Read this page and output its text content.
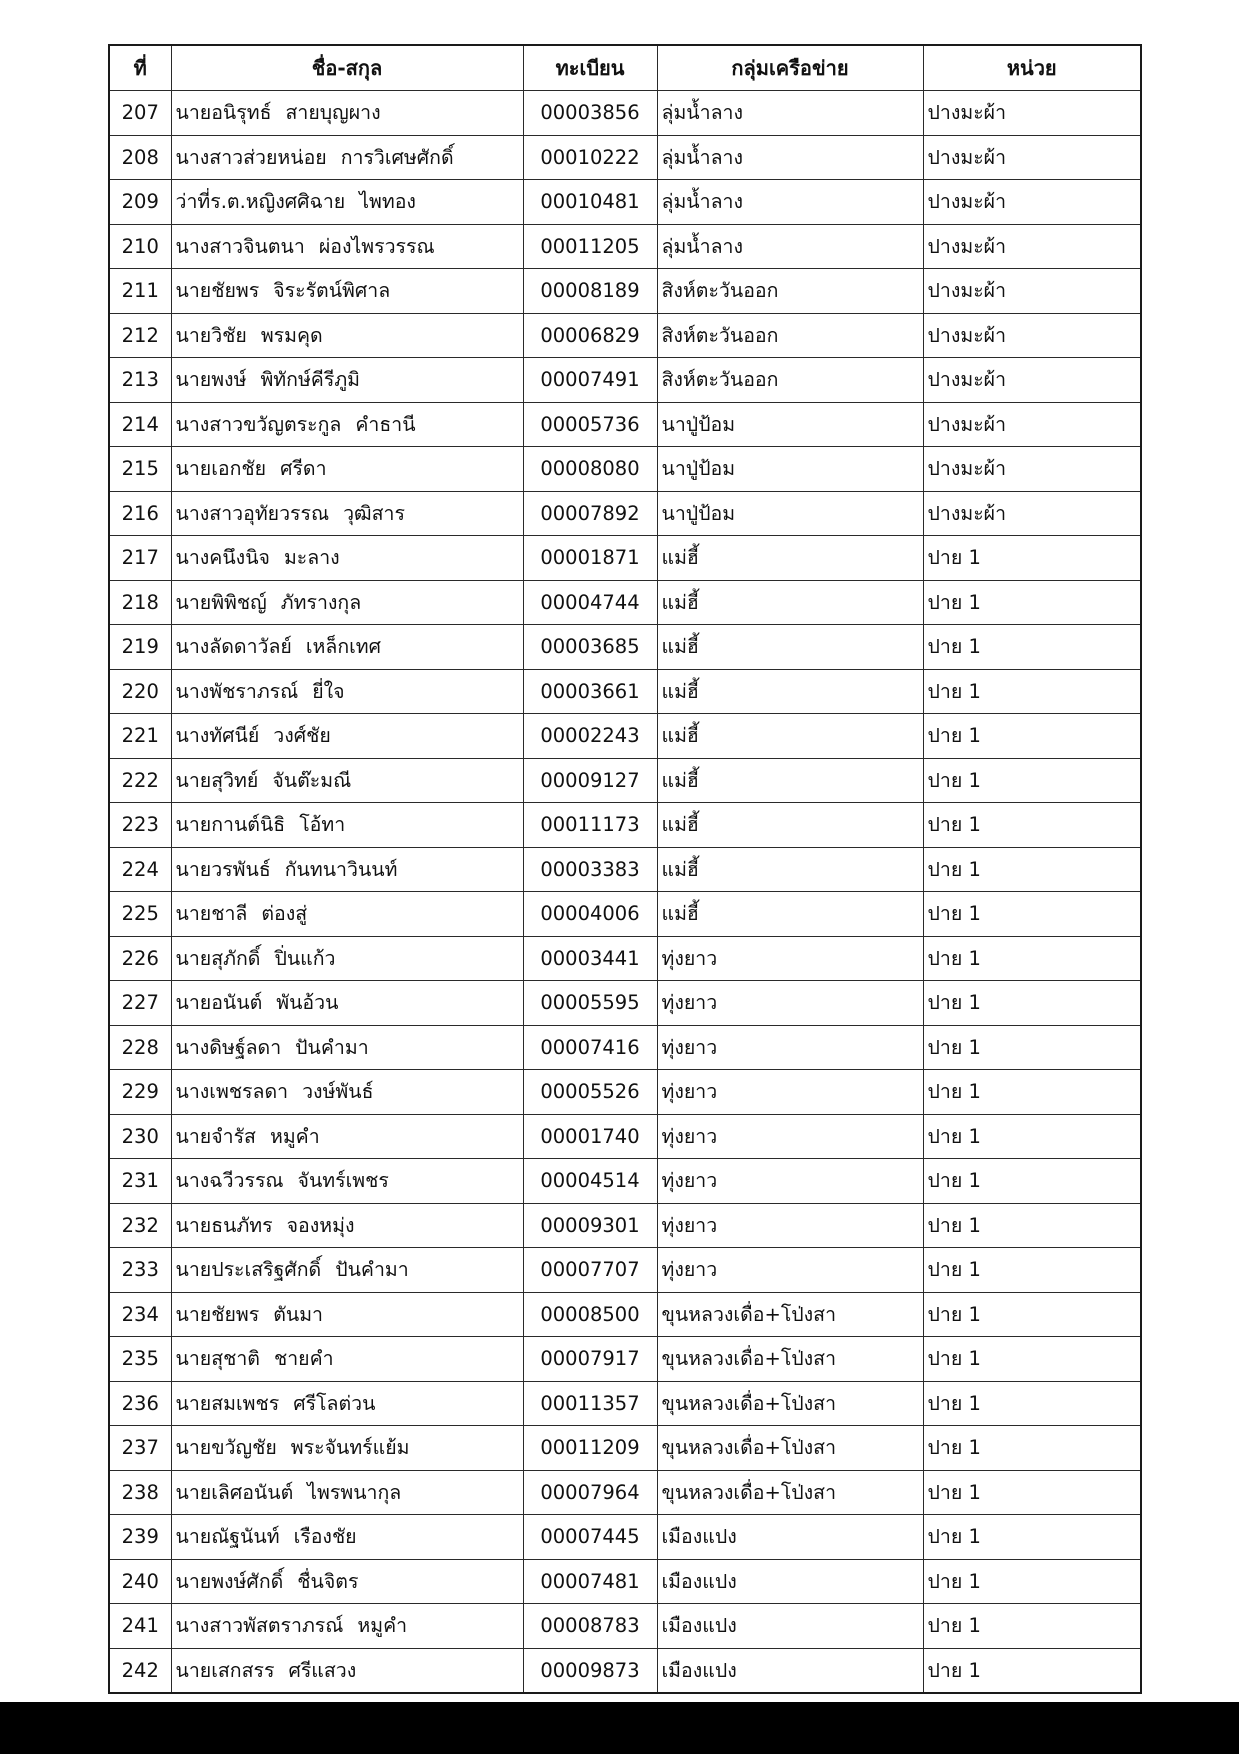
ที่	ชื่อ-สกุล	ทะเบียน	กลุ่มเครือข่าย	หน่วย
207	นายอนิรุทธ์ สายบุญผาง	00003856	ลุ่มน้ำลาง	ปางมะผ้า
208	นางสาวส่วยหน่อย การวิเศษศักดิ์	00010222	ลุ่มน้ำลาง	ปางมะผ้า
209	ว่าที่ร.ต.หญิงศศิฉาย ไพทอง	00010481	ลุ่มน้ำลาง	ปางมะผ้า
210	นางสาวจินตนา ผ่องไพรวรรณ	00011205	ลุ่มน้ำลาง	ปางมะผ้า
211	นายชัยพร จิระรัตน์พิศาล	00008189	สิงห์ตะวันออก	ปางมะผ้า
212	นายวิชัย พรมคุด	00006829	สิงห์ตะวันออก	ปางมะผ้า
213	นายพงษ์ พิทักษ์คีรีภูมิ	00007491	สิงห์ตะวันออก	ปางมะผ้า
214	นางสาวขวัญตระกูล คำธานี	00005736	นาปู่ป้อม	ปางมะผ้า
215	นายเอกชัย ศรีดา	00008080	นาปู่ป้อม	ปางมะผ้า
216	นางสาวอุทัยวรรณ วุฒิสาร	00007892	นาปู่ป้อม	ปางมะผ้า
217	นางคนึงนิจ มะลาง	00001871	แม่ฮี้	ปาย 1
218	นายพิพิชญ์ ภัทรางกุล	00004744	แม่ฮี้	ปาย 1
219	นางลัดดาวัลย์ เหล็กเทศ	00003685	แม่ฮี้	ปาย 1
220	นางพัชราภรณ์ ยี่ใจ	00003661	แม่ฮี้	ปาย 1
221	นางทัศนีย์ วงศ์ชัย	00002243	แม่ฮี้	ปาย 1
222	นายสุวิทย์ จันต๊ะมณี	00009127	แม่ฮี้	ปาย 1
223	นายกานต์นิธิ โอ้ทา	00011173	แม่ฮี้	ปาย 1
224	นายวรพันธ์ กันทนาวินนท์	00003383	แม่ฮี้	ปาย 1
225	นายชาลี ต่องสู่	00004006	แม่ฮี้	ปาย 1
226	นายสุภักดิ์ ปิ่นแก้ว	00003441	ทุ่งยาว	ปาย 1
227	นายอนันต์ พันอ้วน	00005595	ทุ่งยาว	ปาย 1
228	นางดิษฐ์ลดา ปันคำมา	00007416	ทุ่งยาว	ปาย 1
229	นางเพชรลดา วงษ์พันธ์	00005526	ทุ่งยาว	ปาย 1
230	นายจำรัส หมูคำ	00001740	ทุ่งยาว	ปาย 1
231	นางฉวีวรรณ จันทร์เพชร	00004514	ทุ่งยาว	ปาย 1
232	นายธนภัทร จองหมุ่ง	00009301	ทุ่งยาว	ปาย 1
233	นายประเสริฐศักดิ์ ปันคำมา	00007707	ทุ่งยาว	ปาย 1
234	นายชัยพร ตันมา	00008500	ขุนหลวงเดื่อ+โป่งสา	ปาย 1
235	นายสุชาติ ชายคำ	00007917	ขุนหลวงเดื่อ+โป่งสา	ปาย 1
236	นายสมเพชร ศรีโลต่วน	00011357	ขุนหลวงเดื่อ+โป่งสา	ปาย 1
237	นายขวัญชัย พระจันทร์แย้ม	00011209	ขุนหลวงเดื่อ+โป่งสา	ปาย 1
238	นายเลิศอนันต์ ไพรพนากุล	00007964	ขุนหลวงเดื่อ+โป่งสา	ปาย 1
239	นายณัฐนันท์ เรืองชัย	00007445	เมืองแปง	ปาย 1
240	นายพงษ์ศักดิ์ ชื่นจิตร	00007481	เมืองแปง	ปาย 1
241	นางสาวพัสตราภรณ์ หมูคำ	00008783	เมืองแปง	ปาย 1
242	นายเสกสรร ศรีแสวง	00009873	เมืองแปง	ปาย 1
